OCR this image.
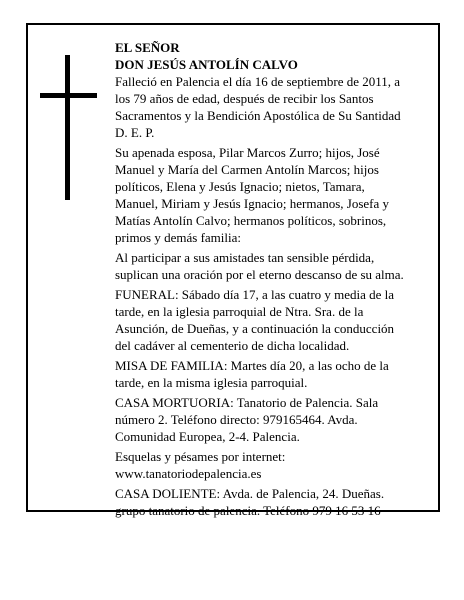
EL SEÑOR
DON JESÚS ANTOLÍN CALVO
Falleció en Palencia el día 16 de septiembre de 2011, a
los 79 años de edad, después de recibir los Santos
Sacramentos y la Bendición Apostólica de Su Santidad
D. E. P.
Su apenada esposa, Pilar Marcos Zurro; hijos, José
Manuel y María del Carmen Antolín Marcos; hijos
políticos, Elena y Jesús Ignacio; nietos, Tamara,
Manuel, Miriam y Jesús Ignacio; hermanos, Josefa y
Matías Antolín Calvo; hermanos políticos, sobrinos,
primos y demás familia:
Al participar a sus amistades tan sensible pérdida,
suplican una oración por el eterno descanso de su alma.
FUNERAL: Sábado día 17, a las cuatro y media de la
tarde, en la iglesia parroquial de Ntra. Sra. de la
Asunción, de Dueñas, y a continuación la conducción
del cadáver al cementerio de dicha localidad.
MISA DE FAMILIA: Martes día 20, a las ocho de la
tarde, en la misma iglesia parroquial.
CASA MORTUORIA: Tanatorio de Palencia. Sala
número 2. Teléfono directo: 979165464. Avda.
Comunidad Europea, 2-4. Palencia.
Esquelas y pésames por internet:
www.tanatoriodepalencia.es
CASA DOLIENTE: Avda. de Palencia, 24. Dueñas.
grupo tanatorio de palencia. Teléfono 979 16 53 16
